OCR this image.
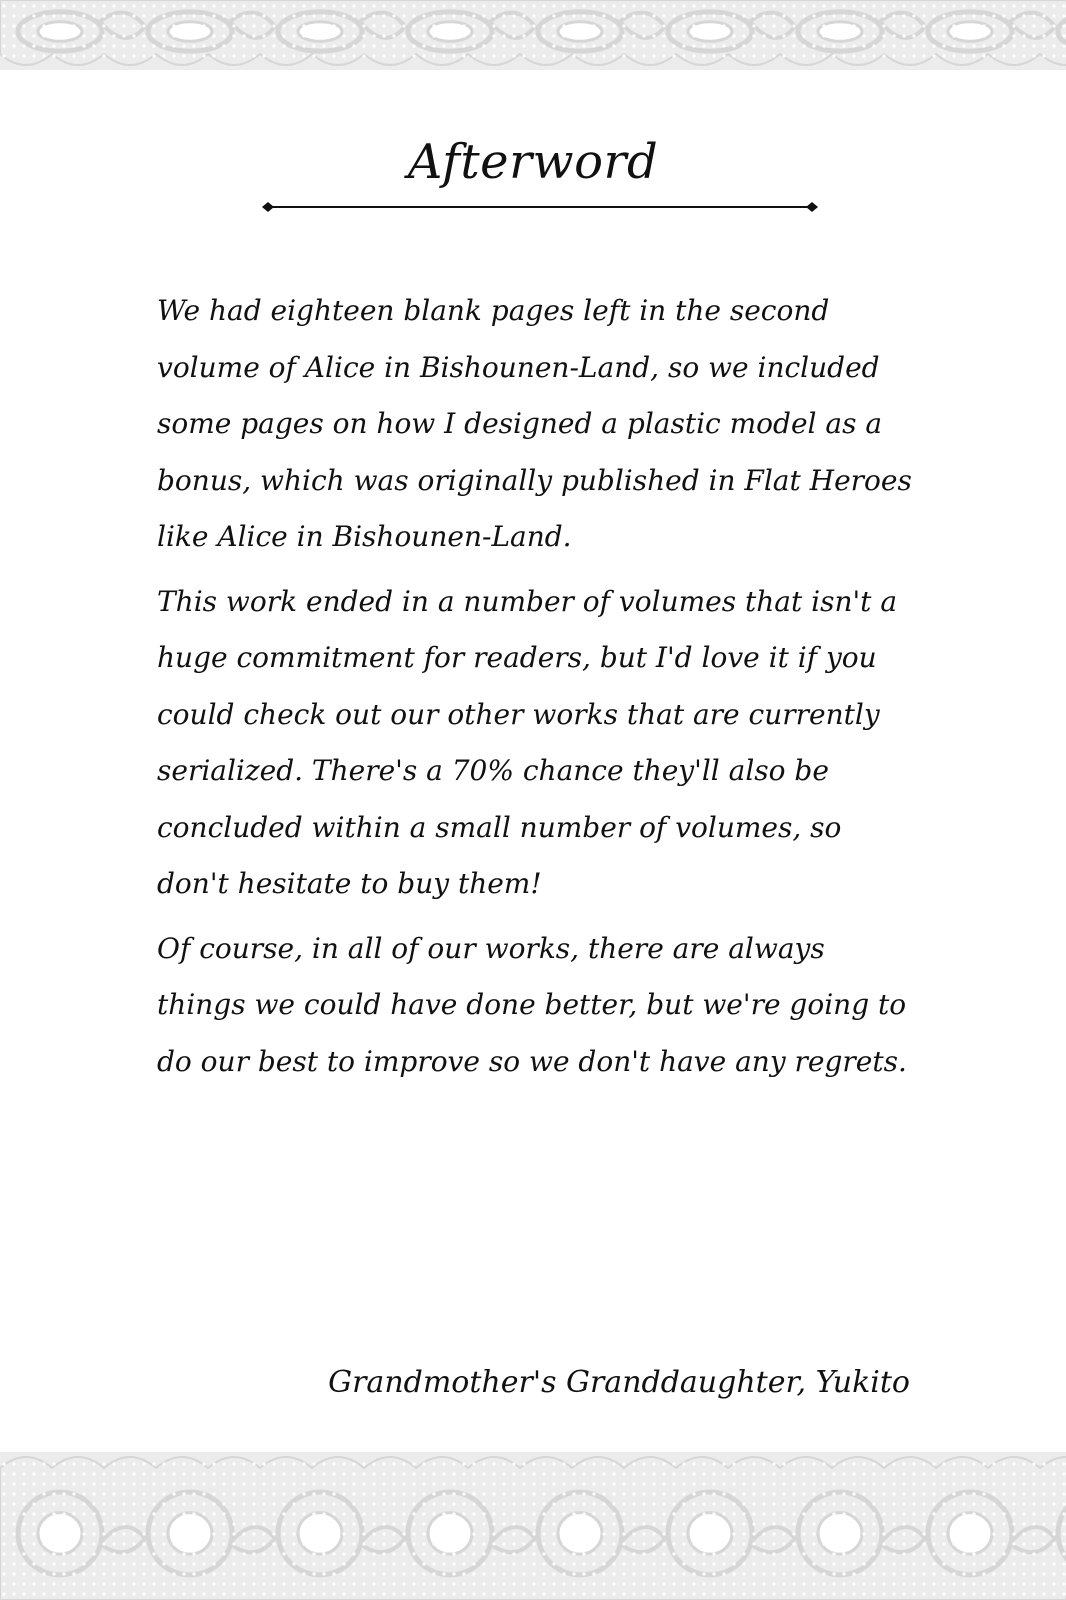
Afterword

We had eighteen blank pages left in the second volume of Alice in Bishounen-Land, so we included some pages on how I designed a plastic model as a bonus, which was originally published in Flat Heroes like Alice in Bishounen-Land.

This work ended in a number of volumes that isn't a huge commitment for readers, but I'd love it if you could check out our other works that are currently serialized. There's a 70% chance they'll also be concluded within a small number of volumes, so don't hesitate to buy them!

Of course, in all of our works, there are always things we could have done better, but we're going to do our best to improve so we don't have any regrets.

Grandmother's Granddaughter, Yukito
